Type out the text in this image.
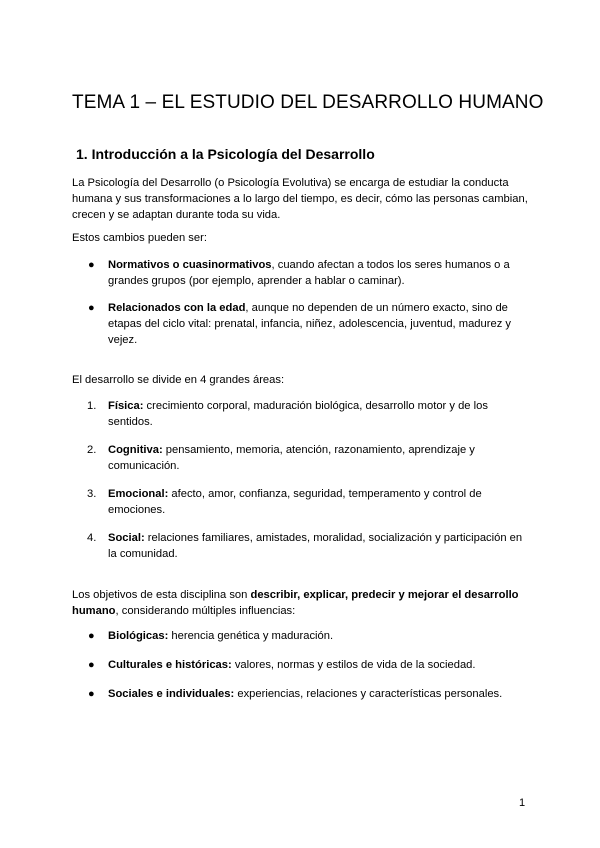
TEMA 1 – EL ESTUDIO DEL DESARROLLO HUMANO
1. Introducción a la Psicología del Desarrollo

La Psicología del Desarrollo (o Psicología Evolutiva) se encarga de estudiar la conducta humana y sus transformaciones a lo largo del tiempo, es decir, cómo las personas cambian, crecen y se adaptan durante toda su vida.

Estos cambios pueden ser:

● Normativos o cuasinormativos, cuando afectan a todos los seres humanos o a grandes grupos (por ejemplo, aprender a hablar o caminar).

● Relacionados con la edad, aunque no dependen de un número exacto, sino de etapas del ciclo vital: prenatal, infancia, niñez, adolescencia, juventud, madurez y vejez.

El desarrollo se divide en 4 grandes áreas:

1. Física: crecimiento corporal, maduración biológica, desarrollo motor y de los sentidos.

2. Cognitiva: pensamiento, memoria, atención, razonamiento, aprendizaje y comunicación.

3. Emocional: afecto, amor, confianza, seguridad, temperamento y control de emociones.

4. Social: relaciones familiares, amistades, moralidad, socialización y participación en la comunidad.

Los objetivos de esta disciplina son describir, explicar, predecir y mejorar el desarrollo humano, considerando múltiples influencias:

● Biológicas: herencia genética y maduración.

● Culturales e históricas: valores, normas y estilos de vida de la sociedad.

● Sociales e individuales: experiencias, relaciones y características personales.

1
